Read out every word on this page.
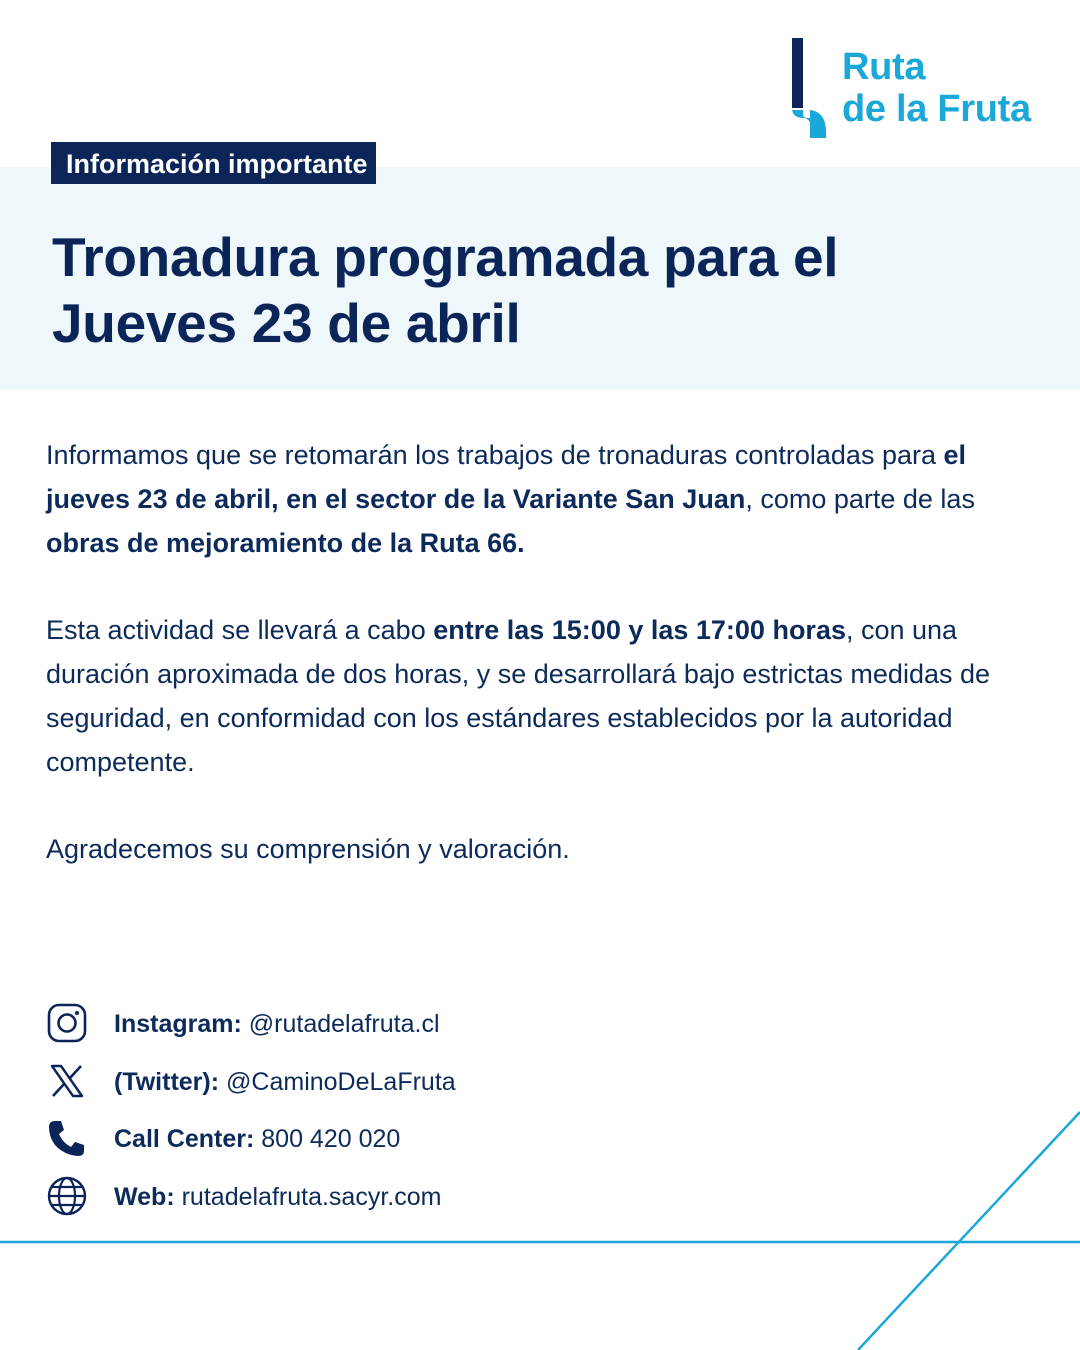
Ruta
de la Fruta
Información importante
Tronadura programada para el
Jueves 23 de abril

Informamos que se retomarán los trabajos de tronaduras controladas para el jueves 23 de abril, en el sector de la Variante San Juan, como parte de las obras de mejoramiento de la Ruta 66.

Esta actividad se llevará a cabo entre las 15:00 y las 17:00 horas, con una duración aproximada de dos horas, y se desarrollará bajo estrictas medidas de seguridad, en conformidad con los estándares establecidos por la autoridad competente.

Agradecemos su comprensión y valoración.

Instagram: @rutadelafruta.cl
(Twitter): @CaminoDeLaFruta
Call Center: 800 420 020
Web: rutadelafruta.sacyr.com
